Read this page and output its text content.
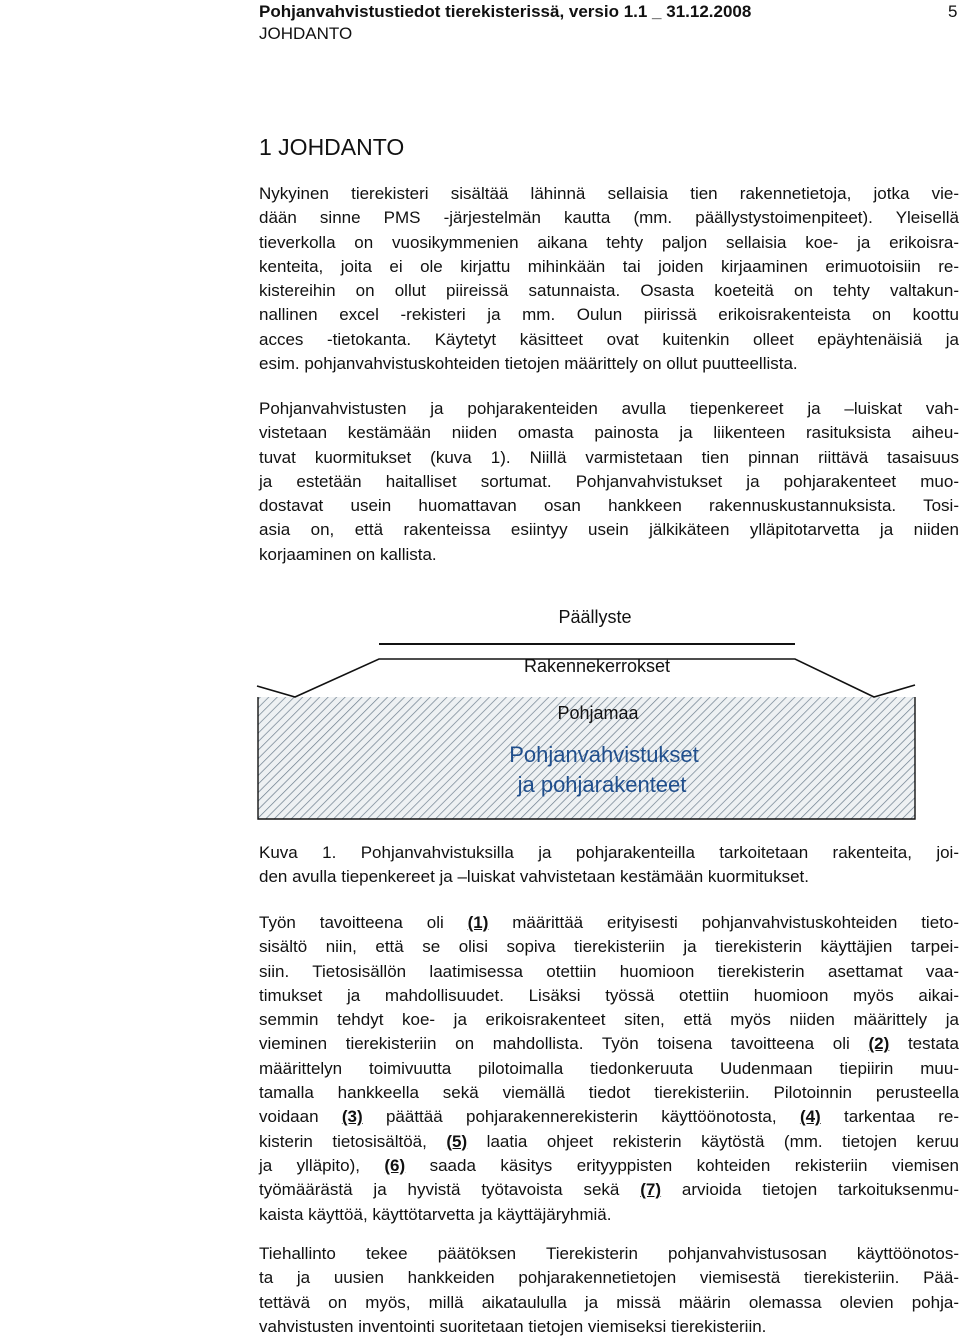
Pohjanvahvistustiedot tierekisterissä, versio 1.1 _ 31.12.2008	5
JOHDANTO
1 JOHDANTO
Nykyinen tierekisteri sisältää lähinnä sellaisia tien rakennetietoja, jotka vie-
dään sinne PMS -järjestelmän kautta (mm. päällystystoimenpiteet). Yleisellä
tieverkolla on vuosikymmenien aikana tehty paljon sellaisia koe- ja erikoisra-
kenteita, joita ei ole kirjattu mihinkään tai joiden kirjaaminen erimuotoisiin re-
kistereihin on ollut piireissä satunnaista. Osasta koeteitä on tehty valtakun-
nallinen excel -rekisteri ja mm. Oulun piirissä erikoisrakenteista on koottu
acces -tietokanta. Käytetyt käsitteet ovat kuitenkin olleet epäyhtenäisiä ja
esim. pohjanvahvistuskohteiden tietojen määrittely on ollut puutteellista.
Pohjanvahvistusten ja pohjarakenteiden avulla tiepenkereet ja –luiskat vah-
vistetaan kestämään niiden omasta painosta ja liikenteen rasituksista aiheu-
tuvat kuormitukset (kuva 1). Niillä varmistetaan tien pinnan riittävä tasaisuus
ja estetään haitalliset sortumat. Pohjanvahvistukset ja pohjarakenteet muo-
dostavat usein huomattavan osan hankkeen rakennuskustannuksista. Tosi-
asia on, että rakenteissa esiintyy usein jälkikäteen ylläpitotarvetta ja niiden
korjaaminen on kallista.
Päällyste
Rakennekerrokset
Pohjamaa
Pohjanvahvistukset
ja pohjarakenteet
Kuva 1. Pohjanvahvistuksilla ja pohjarakenteilla tarkoitetaan rakenteita, joi-
den avulla tiepenkereet ja –luiskat vahvistetaan kestämään kuormitukset.
Työn tavoitteena oli (1) määrittää erityisesti pohjanvahvistuskohteiden tieto-
sisältö niin, että se olisi sopiva tierekisteriin ja tierekisterin käyttäjien tarpei-
siin. Tietosisällön laatimisessa otettiin huomioon tierekisterin asettamat vaa-
timukset ja mahdollisuudet. Lisäksi työssä otettiin huomioon myös aikai-
semmin tehdyt koe- ja erikoisrakenteet siten, että myös niiden määrittely ja
vieminen tierekisteriin on mahdollista. Työn toisena tavoitteena oli (2) testata
määrittelyn toimivuutta pilotoimalla tiedonkeruuta Uudenmaan tiepiirin muu-
tamalla hankkeella sekä viemällä tiedot tierekisteriin. Pilotoinnin perusteella
voidaan (3) päättää pohjarakennerekisterin käyttöönotosta, (4) tarkentaa re-
kisterin tietosisältöä, (5) laatia ohjeet rekisterin käytöstä (mm. tietojen keruu
ja ylläpito), (6) saada käsitys erityyppisten kohteiden rekisteriin viemisen
työmäärästä ja hyvistä työtavoista sekä (7) arvioida tietojen tarkoituksenmu-
kaista käyttöä, käyttötarvetta ja käyttäjäryhmiä.
Tiehallinto tekee päätöksen Tierekisterin pohjanvahvistusosan käyttöönotos-
ta ja uusien hankkeiden pohjarakennetietojen viemisestä tierekisteriin. Pää-
tettävä on myös, millä aikataululla ja missä määrin olemassa olevien pohja-
vahvistusten inventointi suoritetaan tietojen viemiseksi tierekisteriin.
